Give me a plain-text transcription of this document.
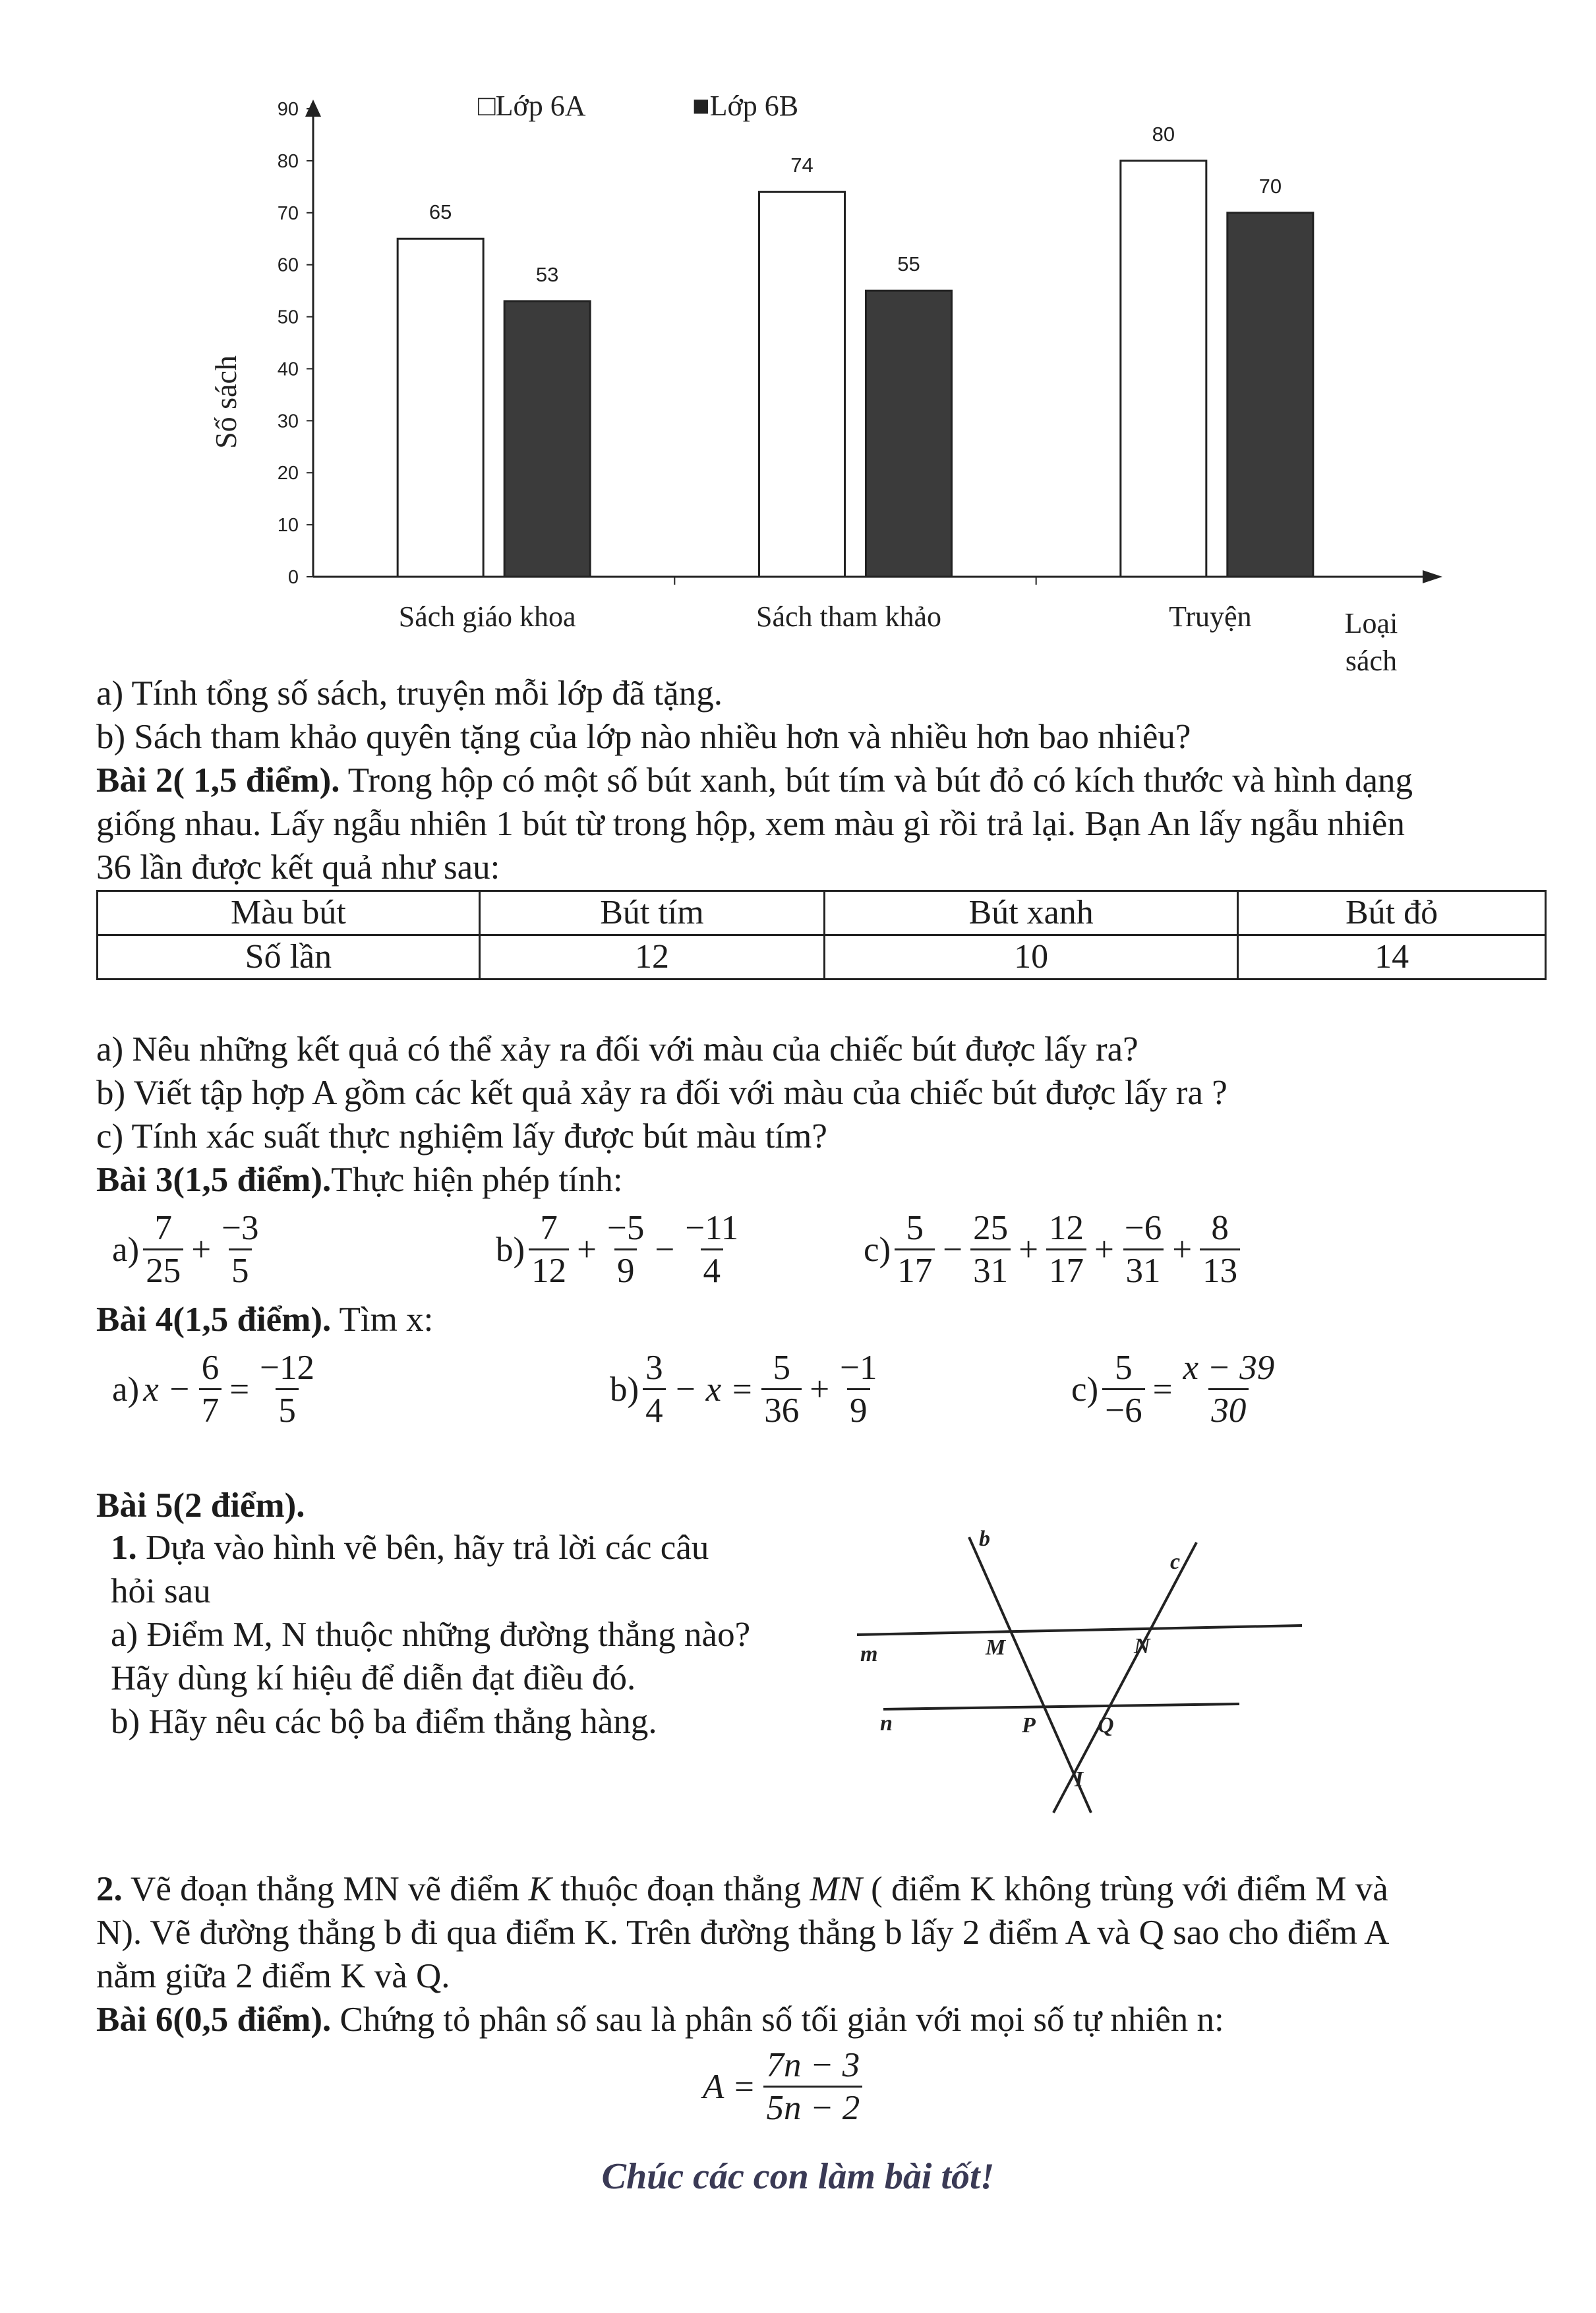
0
10
20
30
40
50
60
70
80
90
65
53
74
55
80
70
Sách giáo khoa	Sách tham khảo	Truyện
□Lớp 6A	■Lớp 6B
Số sách
Loại
sách
a) Tính tổng số sách, truyện mỗi lớp đã tặng.
b) Sách tham khảo quyên tặng của lớp nào nhiều hơn và nhiều hơn bao nhiêu?
Bài 2( 1,5 điểm). Trong hộp có một số bút xanh, bút tím và bút đỏ có kích thước và hình dạng
giống nhau. Lấy ngẫu nhiên 1 bút từ trong hộp, xem màu gì rồi trả lại. Bạn An lấy ngẫu nhiên
36 lần được kết quả như sau:
Màu bút	Bút tím	Bút xanh	Bút đỏ
Số lần	12	10	14
a) Nêu những kết quả có thể xảy ra đối với màu của chiếc bút được lấy ra?
b) Viết tập hợp A gồm các kết quả xảy ra đối với màu của chiếc bút được lấy ra ?
c) Tính xác suất thực nghiệm lấy được bút màu tím?
Bài 3(1,5 điểm).Thực hiện phép tính:
$a) \frac{7}{25} + \frac{-3}{5}$	$b) \frac{7}{12} + \frac{-5}{9} - \frac{-11}{4}$	$c) \frac{5}{17} - \frac{25}{31} + \frac{12}{17} + \frac{-6}{31} + \frac{8}{13}$
Bài 4(1,5 điểm). Tìm x:
a) $x - \frac{6}{7} = \frac{-12}{5}$	$b) \frac{3}{4} - x = \frac{5}{36} + \frac{-1}{9}$	$c) \frac{5}{-6} = \frac{x - 39}{30}$
Bài 5(2 điểm).
1. Dựa vào hình vẽ bên, hãy trả lời các câu
hỏi sau
a) Điểm M, N thuộc những đường thẳng nào?
Hãy dùng kí hiệu để diễn đạt điều đó.
b) Hãy nêu các bộ ba điểm thẳng hàng.
b
c
m
n
M	N
P	Q
I
2. Vẽ đoạn thẳng MN vẽ điểm K thuộc đoạn thẳng MN ( điểm K không trùng với điểm M và
N). Vẽ đường thẳng b đi qua điểm K. Trên đường thẳng b lấy 2 điểm A và Q sao cho điểm A
nằm giữa 2 điểm K và Q.
Bài 6(0,5 điểm). Chứng tỏ phân số sau là phân số tối giản với mọi số tự nhiên n:
$A = \frac{7n - 3}{5n - 2}$
Chúc các con làm bài tốt!
